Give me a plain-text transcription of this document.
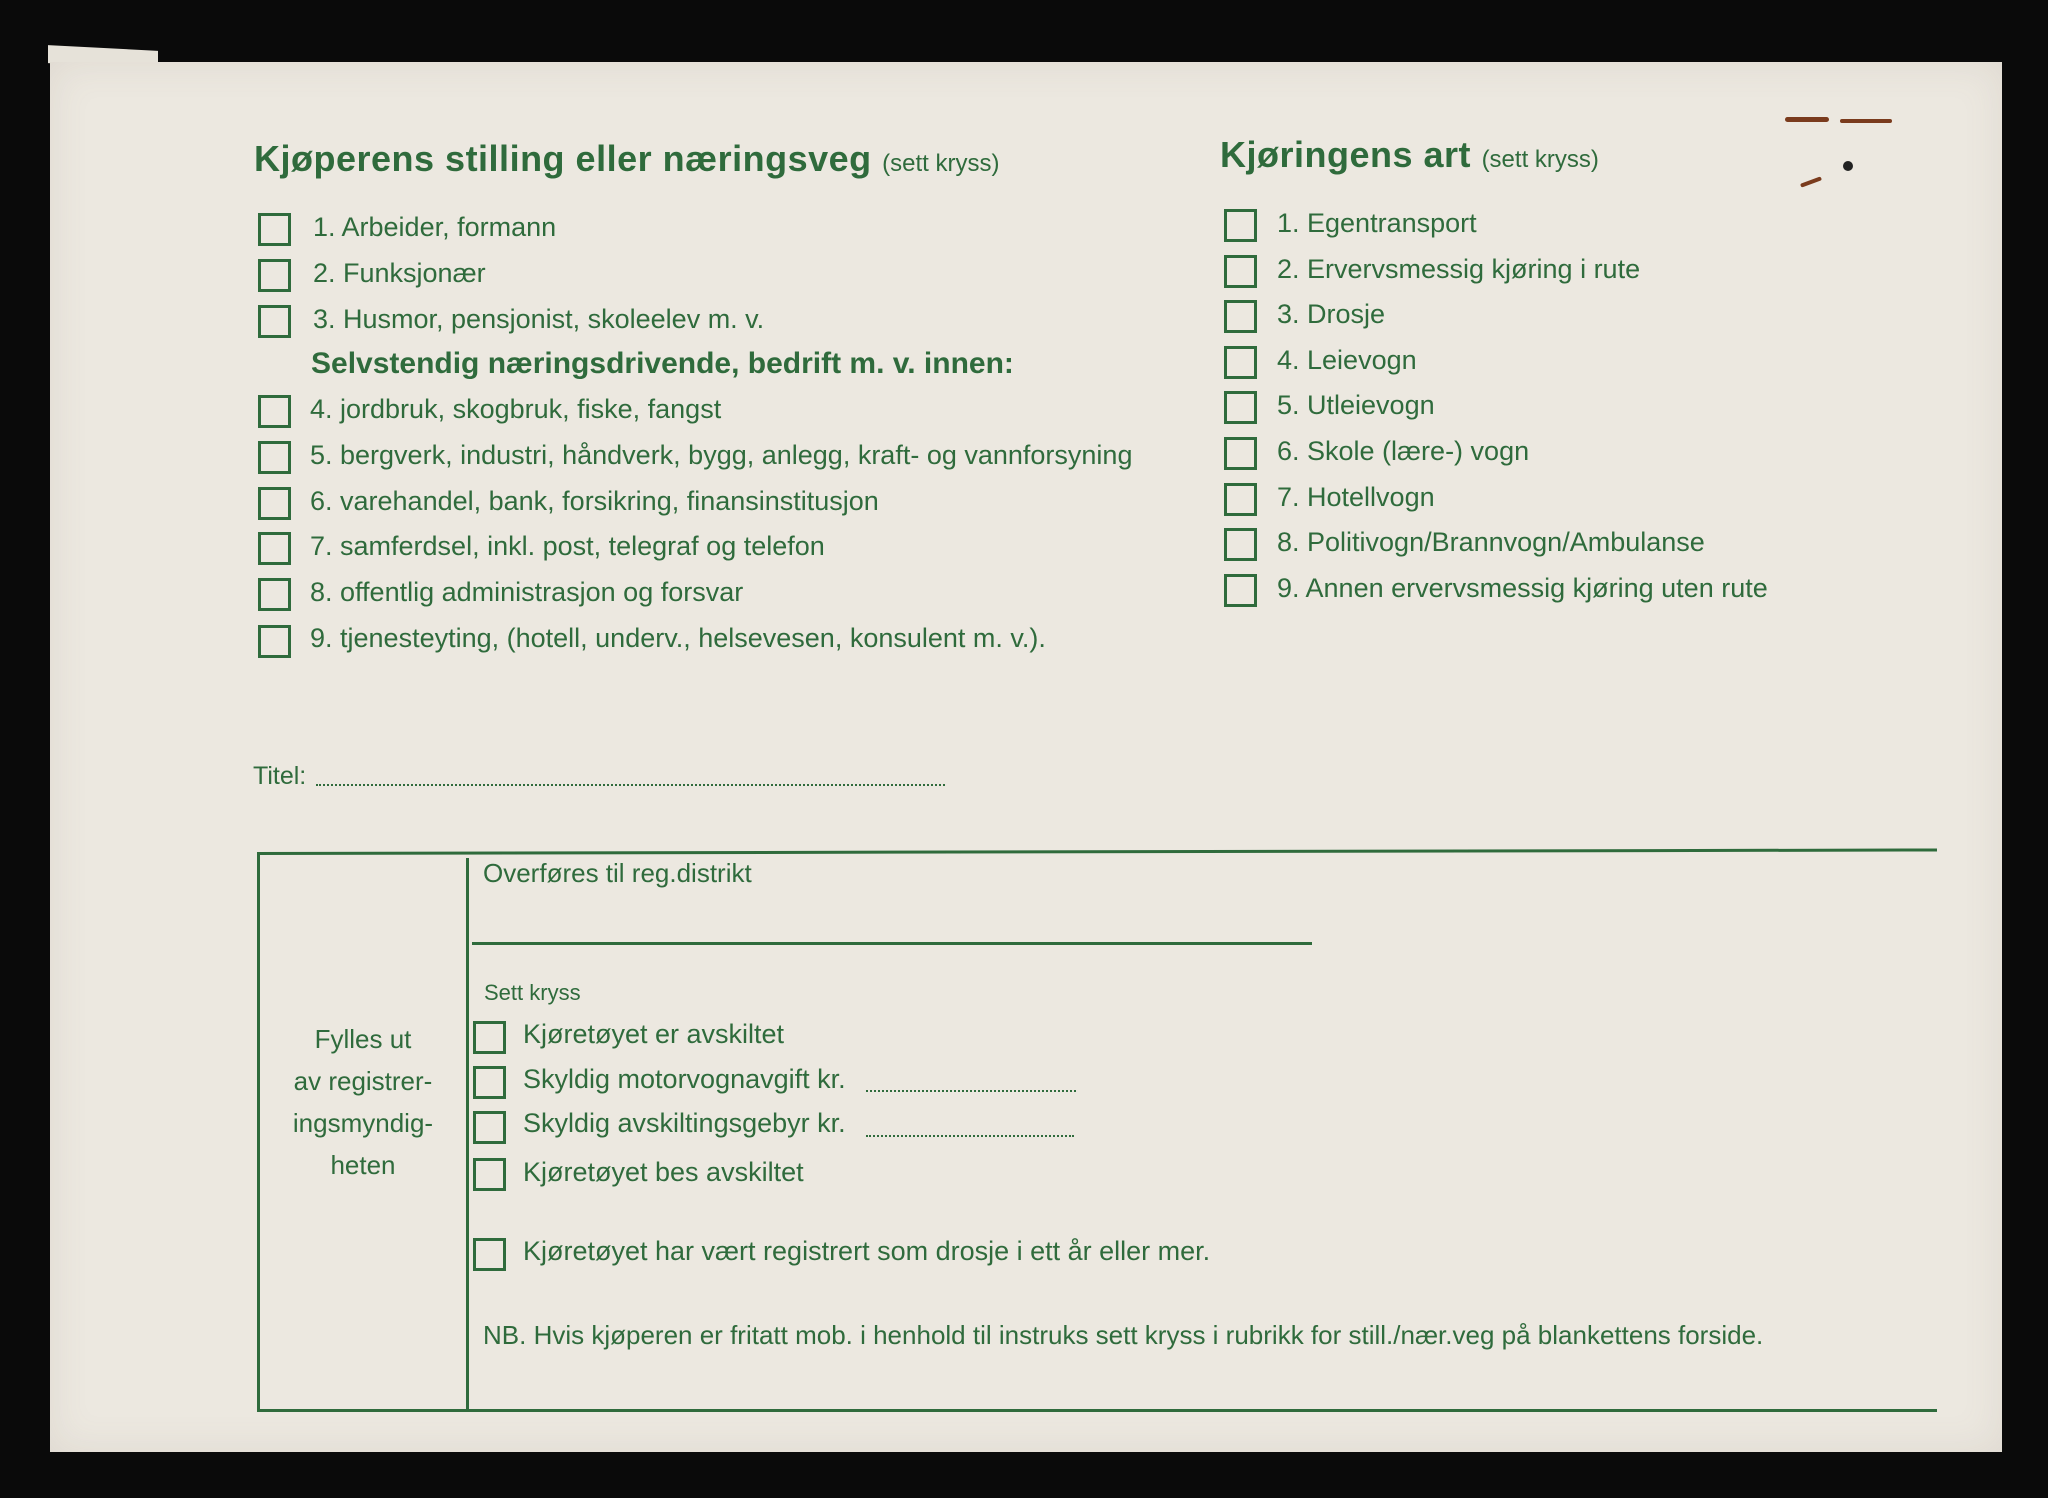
Kjøperens stilling eller næringsveg (sett kryss)
1. Arbeider, formann
2. Funksjonær
3. Husmor, pensjonist, skoleelev m. v.
Selvstendig næringsdrivende, bedrift m. v. innen:
4. jordbruk, skogbruk, fiske, fangst
5. bergverk, industri, håndverk, bygg, anlegg, kraft- og vannforsyning
6. varehandel, bank, forsikring, finansinstitusjon
7. samferdsel, inkl. post, telegraf og telefon
8. offentlig administrasjon og forsvar
9. tjenesteyting, (hotell, underv., helsevesen, konsulent m. v.).
Kjøringens art (sett kryss)
1. Egentransport
2. Ervervsmessig kjøring i rute
3. Drosje
4. Leievogn
5. Utleievogn
6. Skole (lære-) vogn
7. Hotellvogn
8. Politivogn/Brannvogn/Ambulanse
9. Annen ervervsmessig kjøring uten rute
Titel:
Fylles ut
av registrer-
ingsmyndig-
heten
Overføres til reg.distrikt
Sett kryss
Kjøretøyet er avskiltet
Skyldig motorvognavgift kr.
Skyldig avskiltingsgebyr kr.
Kjøretøyet bes avskiltet
Kjøretøyet har vært registrert som drosje i ett år eller mer.
NB. Hvis kjøperen er fritatt mob. i henhold til instruks sett kryss i rubrikk for still./nær.veg på blankettens forside.
